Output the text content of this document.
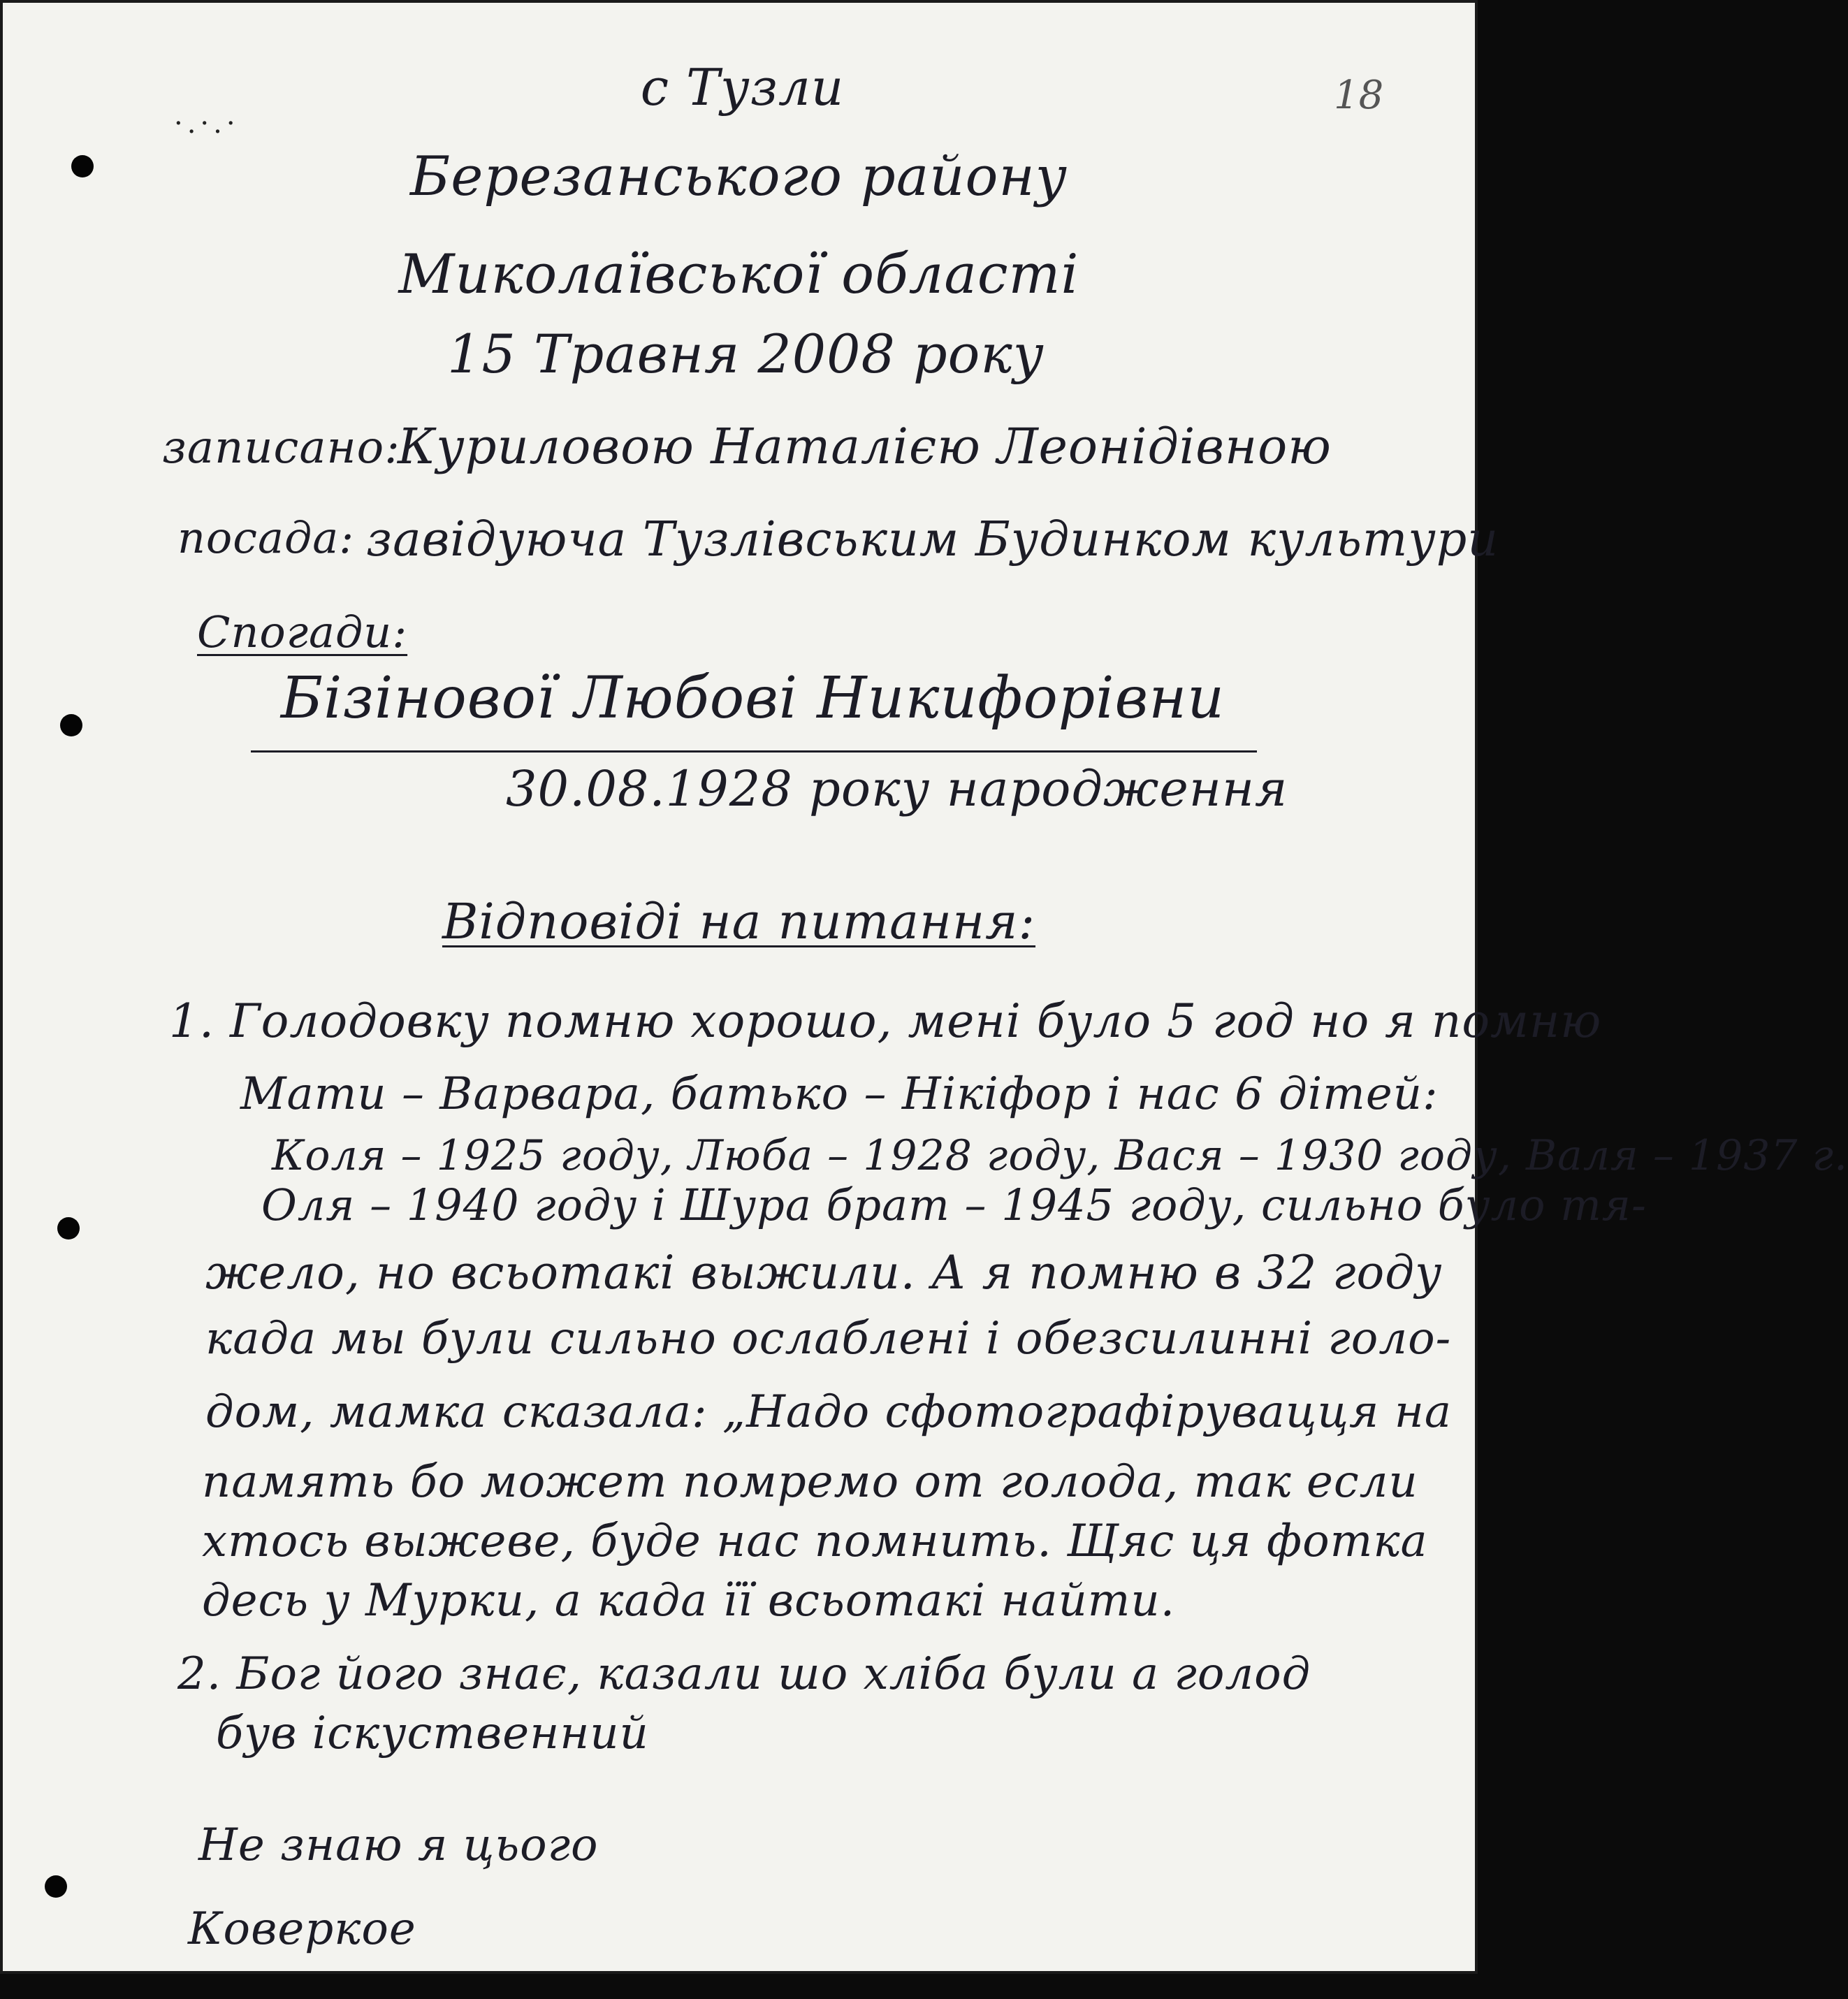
·.·.·
18
с Тузли
Березанського району
Миколаївської області
15 Травня 2008 року
записано:
Куриловою Наталією Леонідівною
посада: завідуюча Тузлівським Будинком культури
Спогади:
Бізінової Любові Никифорівни
30.08.1928 року народження
Відповіді на питання:
1. Голодовку помню хорошо, мені було 5 год но я помню
Мати – Варвара, батько – Нікіфор і нас 6 дітей:
Коля – 1925 году, Люба – 1928 году, Вася – 1930 году, Валя – 1937 г.
Оля – 1940 году і Шура брат – 1945 году, сильно було тя-
жело, но всьотакі выжили. А я помню в 32 году
када мы були сильно ослаблені і обезсилинні голо-
дом, мамка сказала: „Надо сфотографірувацця на
память бо может помремо от голода, так если
хтось выжеве, буде нас помнить. Щяс ця фотка
десь у Мурки, а када її всьотакі найти.
2. Бог його знає, казали шо хліба були а голод
був іскуственний
Не знаю я цього
Коверкое
